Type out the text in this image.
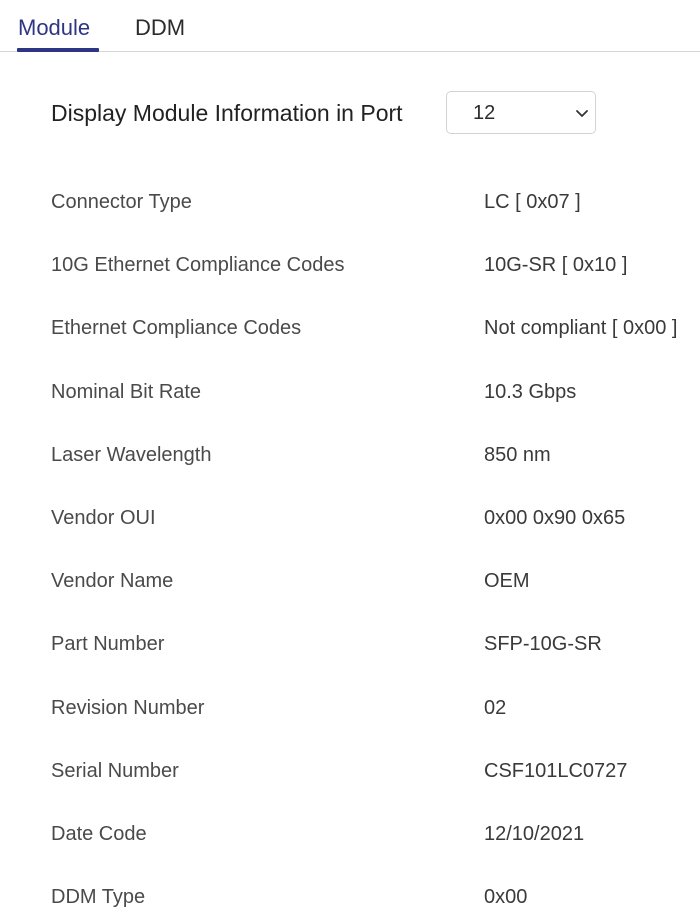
Module DDM
Display Module Information in Port	12
Connector Type	LC [ 0x07 ]
10G Ethernet Compliance Codes	10G-SR [ 0x10 ]
Ethernet Compliance Codes	Not compliant [ 0x00 ]
Nominal Bit Rate	10.3 Gbps
Laser Wavelength	850 nm
Vendor OUI	0x00 0x90 0x65
Vendor Name	OEM
Part Number	SFP-10G-SR
Revision Number	02
Serial Number	CSF101LC0727
Date Code	12/10/2021
DDM Type	0x00
